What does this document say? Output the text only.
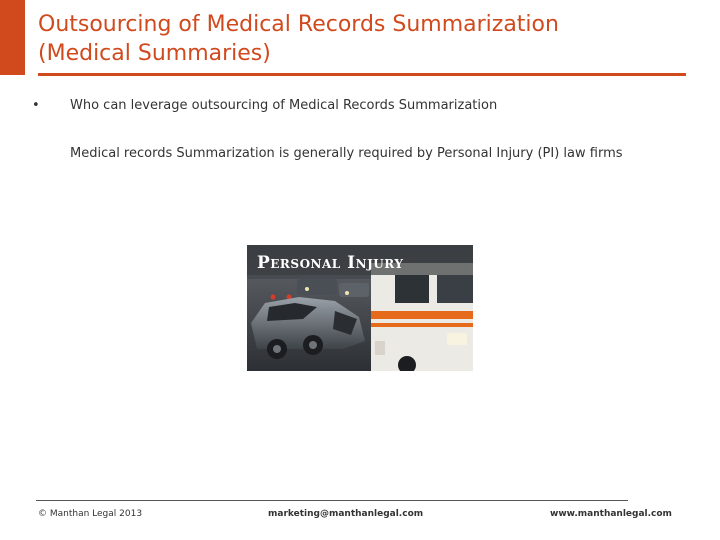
Outsourcing of Medical Records Summarization
(Medical Summaries)
• Who can leverage outsourcing of Medical Records Summarization
Medical records Summarization is generally required by Personal Injury (PI) law firms
Personal Injury
© Manthan Legal 2013	marketing@manthanlegal.com	www.manthanlegal.com
